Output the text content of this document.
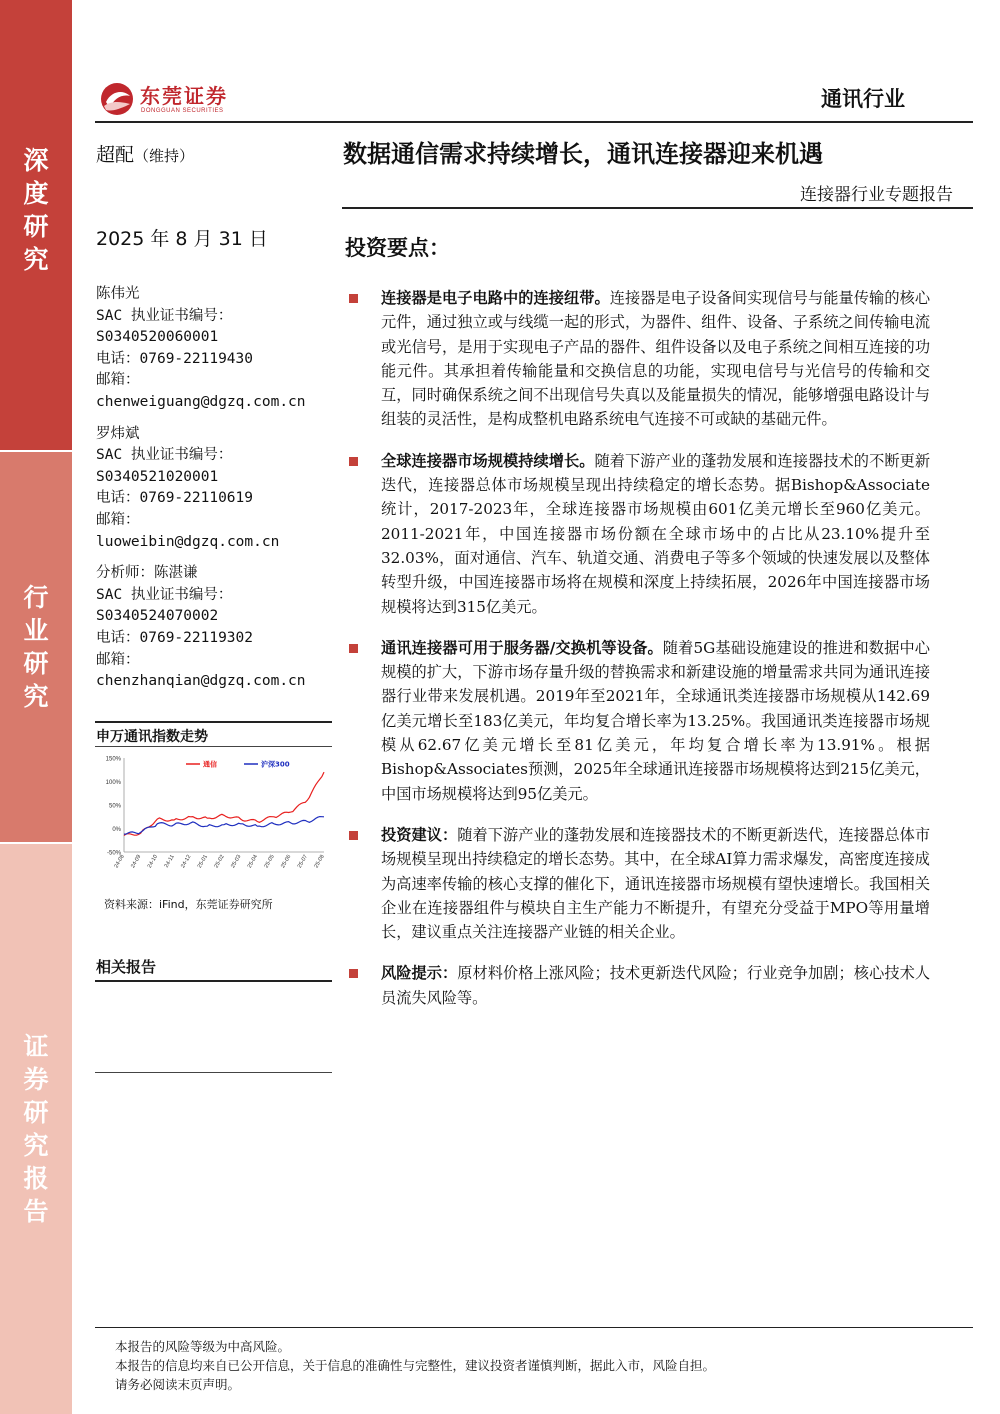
深度研究
行业研究
证券研究报告
东莞证券
DONGGUAN SECURITIES	通讯行业
超配（维持）	数据通信需求持续增长，通讯连接器迎来机遇
连接器行业专题报告
2025 年 8 月 31 日	投资要点：
陈伟光
SAC 执业证书编号：
S0340520060001
电话：0769-22119430
邮箱：
chenweiguang@dgzq.com.cn
罗炜斌
SAC 执业证书编号：
S0340521020001
电话：0769-22110619
邮箱：
luoweibin@dgzq.com.cn
分析师：陈湛谦
SAC 执业证书编号：
S0340524070002
电话：0769-22119302
邮箱：
chenzhanqian@dgzq.com.cn
申万通讯指数走势
150%
100%
50%
0%
-50%
24-08 24-09 24-10 24-11 24-12 25-01 25-02 25-03 25-04 25-05 25-06 25-07 25-08
通信	沪深300
资料来源：iFind，东莞证券研究所
相关报告
连接器是电子电路中的连接纽带。连接器是电子设备间实现信号与能量传输的核心元件，通过独立或与线缆一起的形式，为器件、组件、设备、子系统之间传输电流或光信号，是用于实现电子产品的器件、组件设备以及电子系统之间相互连接的功能元件。其承担着传输能量和交换信息的功能，实现电信号与光信号的传输和交互，同时确保系统之间不出现信号失真以及能量损失的情况，能够增强电路设计与组装的灵活性，是构成整机电路系统电气连接不可或缺的基础元件。
全球连接器市场规模持续增长。随着下游产业的蓬勃发展和连接器技术的不断更新迭代，连接器总体市场规模呈现出持续稳定的增长态势。据Bishop&Associate统计，2017-2023年，全球连接器市场规模由601亿美元增长至960亿美元。2011-2021年，中国连接器市场份额在全球市场中的占比从23.10%提升至32.03%，面对通信、汽车、轨道交通、消费电子等多个领域的快速发展以及整体转型升级，中国连接器市场将在规模和深度上持续拓展，2026年中国连接器市场规模将达到315亿美元。
通讯连接器可用于服务器/交换机等设备。随着5G基础设施建设的推进和数据中心规模的扩大，下游市场存量升级的替换需求和新建设施的增量需求共同为通讯连接器行业带来发展机遇。2019年至2021年，全球通讯类连接器市场规模从142.69亿美元增长至183亿美元，年均复合增长率为13.25%。我国通讯类连接器市场规模从62.67亿美元增长至81亿美元，年均复合增长率为13.91%。根据Bishop&Associates预测，2025年全球通讯连接器市场规模将达到215亿美元，中国市场规模将达到95亿美元。
投资建议：随着下游产业的蓬勃发展和连接器技术的不断更新迭代，连接器总体市场规模呈现出持续稳定的增长态势。其中，在全球AI算力需求爆发，高密度连接成为高速率传输的核心支撑的催化下，通讯连接器市场规模有望快速增长。我国相关企业在连接器组件与模块自主生产能力不断提升，有望充分受益于MPO等用量增长，建议重点关注连接器产业链的相关企业。
风险提示：原材料价格上涨风险；技术更新迭代风险；行业竞争加剧；核心技术人员流失风险等。
本报告的风险等级为中高风险。
本报告的信息均来自已公开信息，关于信息的准确性与完整性，建议投资者谨慎判断，据此入市，风险自担。
请务必阅读末页声明。
